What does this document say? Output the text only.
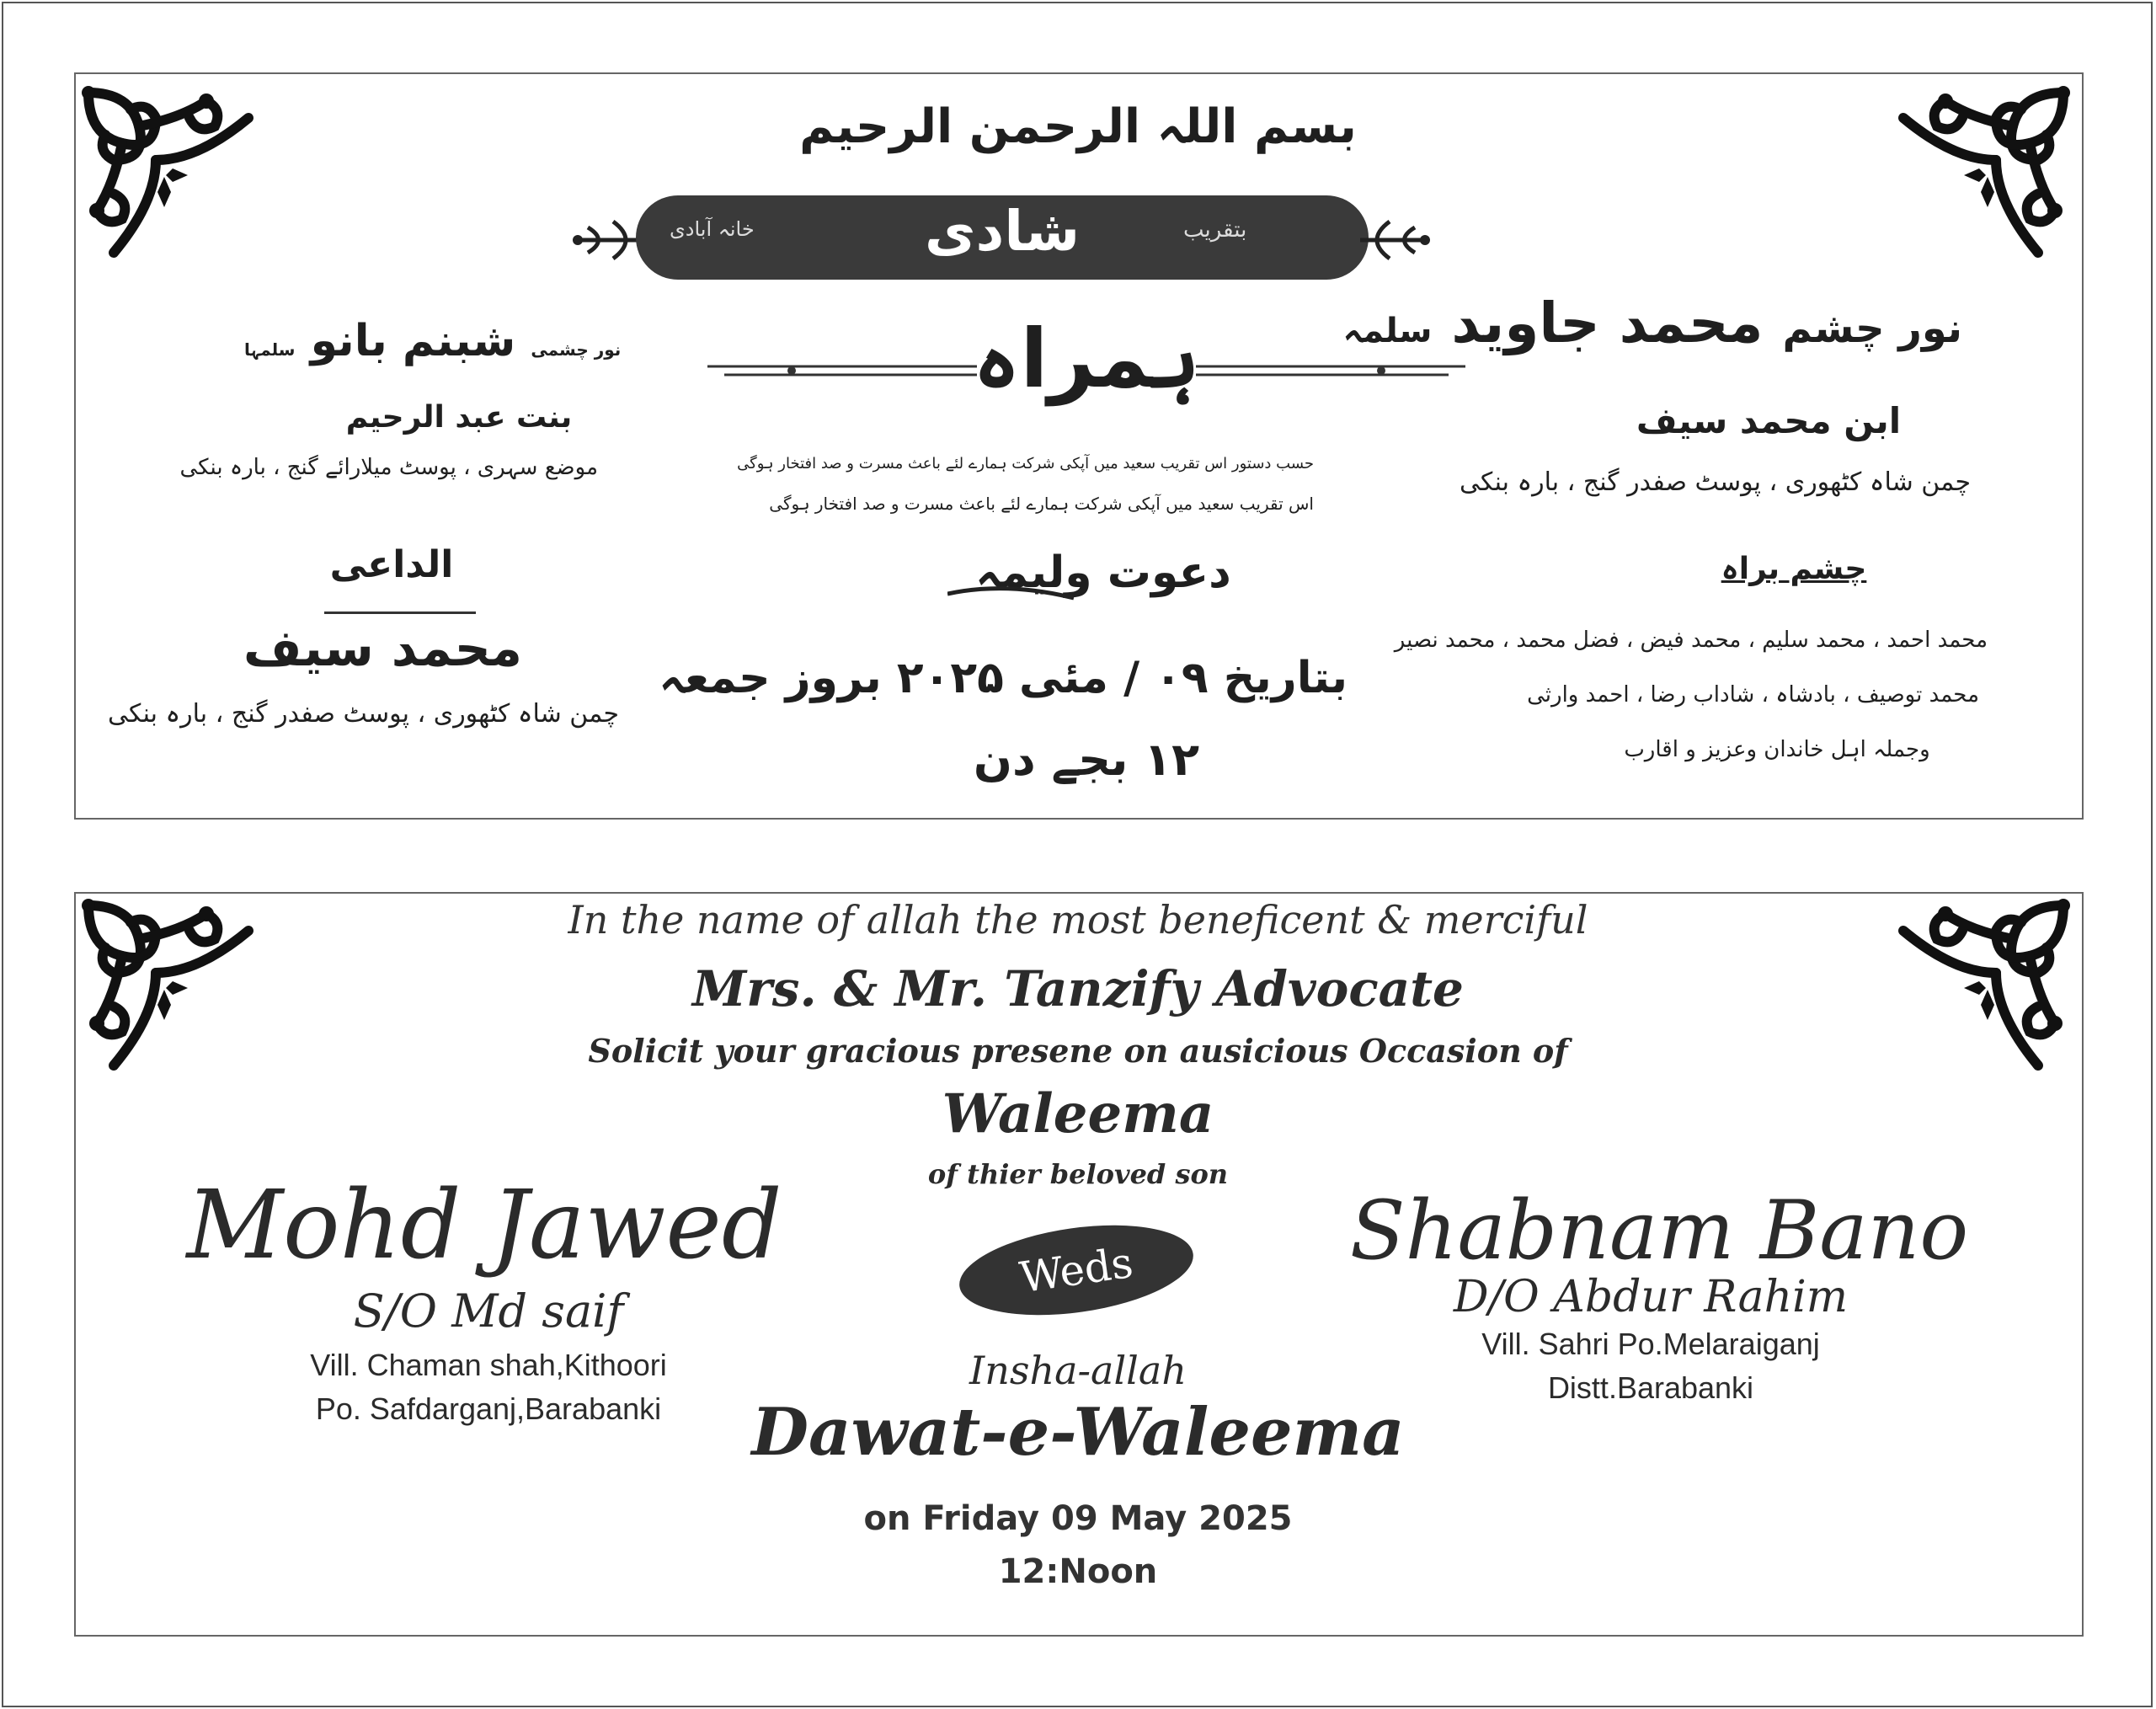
بسم اللہ الرحمن الرحیم
خانہ آبادی	شادی	بتقریب
ہمراہ
حسب دستور اس تقریب سعید میں آپکی شرکت ہمارے لئے باعث مسرت و صد افتخار ہوگی
اس تقریب سعید میں آپکی شرکت ہمارے لئے باعث مسرت و صد افتخار ہوگی
دعوت ولیمہ
بتاریخ ۰۹ / مئی ۲۰۲۵ بروز جمعہ
۱۲ بجے دن
نور چشم محمد جاوید سلمہ
ابن محمد سیف
چمن شاہ کٹھوری ، پوسٹ صفدر گنج ، بارہ بنکی
نور چشمی شبنم بانو سلمہا
بنت عبد الرحیم
موضع سہری ، پوسٹ میلارائے گنج ، بارہ بنکی
الداعی
محمد سیف
چمن شاہ کٹھوری ، پوسٹ صفدر گنج ، بارہ بنکی
چشم براہ
محمد احمد ، محمد سلیم ، محمد فیض ، فضل محمد ، محمد نصیر
محمد توصیف ، بادشاہ ، شاداب رضا ، احمد وارثی
وجملہ اہل خاندان وعزیز و اقارب
In the name of allah the most beneficent & merciful
Mrs. & Mr. Tanzify Advocate
Solicit your gracious presene on ausicious Occasion of
Waleema
of thier beloved son
Weds
Mohd Jawed
S/O Md saif
Vill. Chaman shah,Kithoori
Po. Safdarganj,Barabanki
Shabnam Bano
D/O Abdur Rahim
Vill. Sahri Po.Melaraiganj
Distt.Barabanki
Insha-allah
Dawat-e-Waleema
on Friday 09 May 2025
12:Noon
